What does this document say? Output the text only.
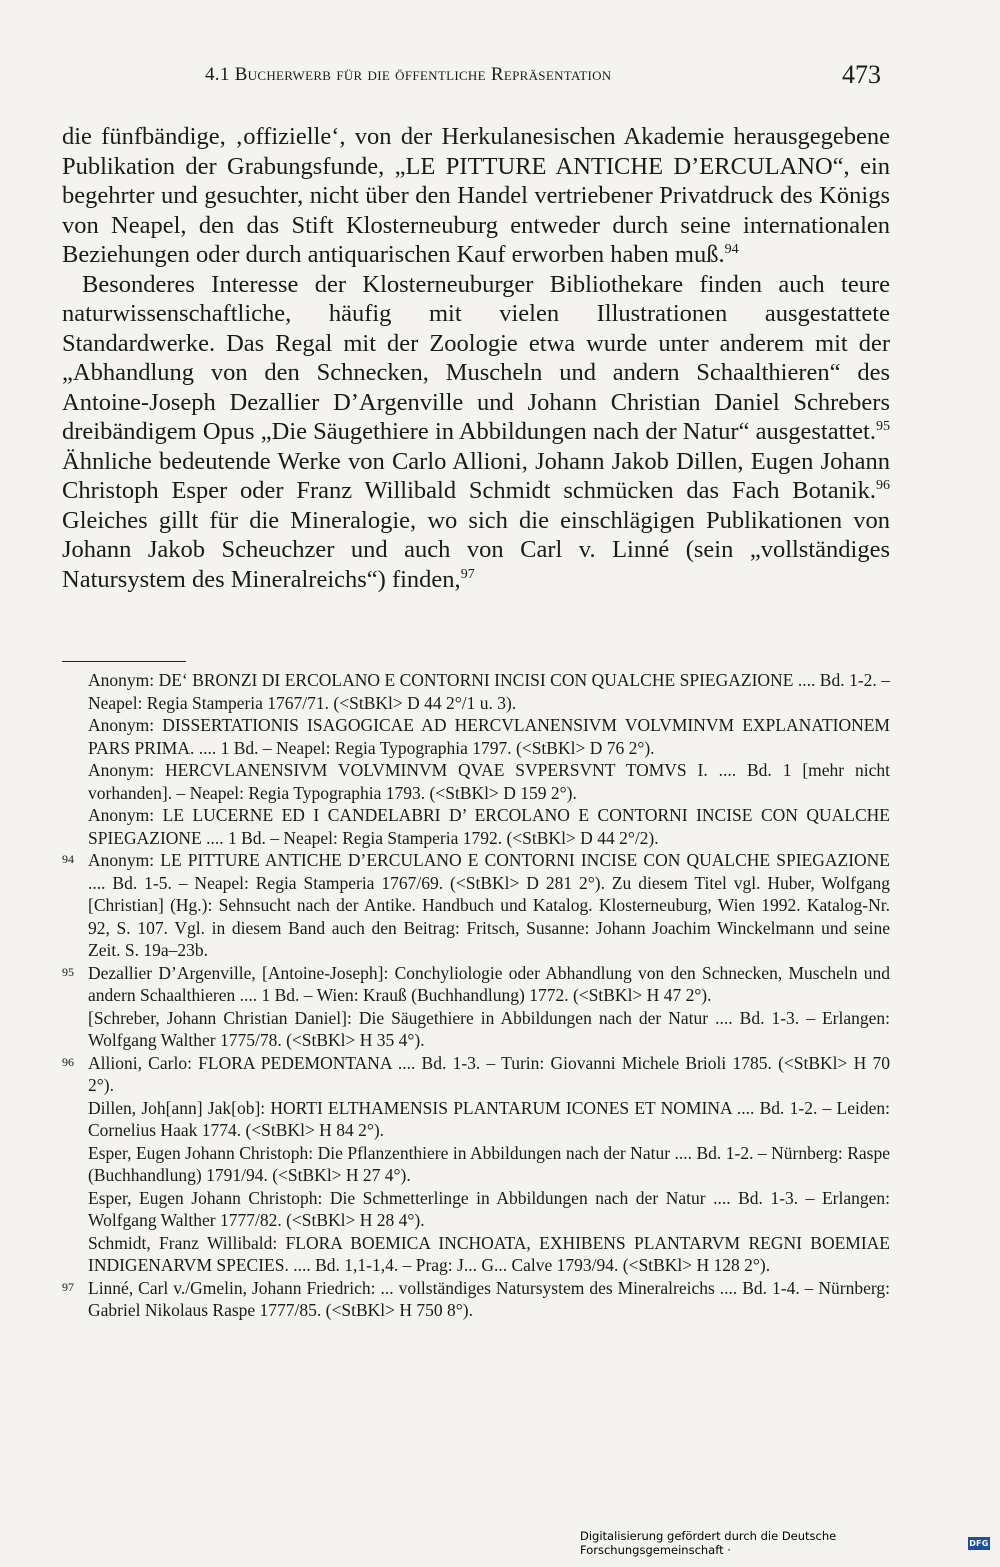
4.1 Bucherwerb für die öffentliche Repräsentation	473

die fünfbändige, ‚offizielle‘, von der Herkulanesischen Akademie herausgegebene Publikation der Grabungsfunde, „LE PITTURE ANTICHE D’ERCULANO“, ein begehrter und gesuchter, nicht über den Handel vertriebener Privatdruck des Königs von Neapel, den das Stift Klosterneuburg entweder durch seine internationalen Beziehungen oder durch antiquarischen Kauf erworben haben muß.$^{94}$

Besonderes Interesse der Klosterneuburger Bibliothekare finden auch teure naturwissenschaftliche, häufig mit vielen Illustrationen ausgestattete Standardwerke. Das Regal mit der Zoologie etwa wurde unter anderem mit der „Abhandlung von den Schnecken, Muscheln und andern Schaalthieren“ des Antoine-Joseph Dezallier D’Argenville und Johann Christian Daniel Schrebers dreibändigem Opus „Die Säugethiere in Abbildungen nach der Natur“ ausgestattet.$^{95}$ Ähnliche bedeutende Werke von Carlo Allioni, Johann Jakob Dillen, Eugen Johann Christoph Esper oder Franz Willibald Schmidt schmücken das Fach Botanik.$^{96}$ Gleiches gillt für die Mineralogie, wo sich die einschlägigen Publikationen von Johann Jakob Scheuchzer und auch von Carl v. Linné (sein „vollständiges Natursystem des Mineralreichs“) finden,$^{97}$

Anonym: DE‘ BRONZI DI ERCOLANO E CONTORNI INCISI CON QUALCHE SPIEGAZIONE .... Bd. 1-2. – Neapel: Regia Stamperia 1767/71. (<StBKl> D 44 2°/1 u. 3).
Anonym: DISSERTATIONIS ISAGOGICAE AD HERCVLANENSIVM VOLVMINVM EXPLANATIONEM PARS PRIMA. .... 1 Bd. – Neapel: Regia Typographia 1797. (<StBKl> D 76 2°).
Anonym: HERCVLANENSIVM VOLVMINVM QVAE SVPERSVNT TOMVS I. .... Bd. 1 [mehr nicht vorhanden]. – Neapel: Regia Typographia 1793. (<StBKl> D 159 2°).
Anonym: LE LUCERNE ED I CANDELABRI D’ ERCOLANO E CONTORNI INCISE CON QUALCHE SPIEGAZIONE .... 1 Bd. – Neapel: Regia Stamperia 1792. (<StBKl> D 44 2°/2).
94 Anonym: LE PITTURE ANTICHE D’ERCULANO E CONTORNI INCISE CON QUALCHE SPIEGAZIONE .... Bd. 1-5. – Neapel: Regia Stamperia 1767/69. (<StBKl> D 281 2°). Zu diesem Titel vgl. Huber, Wolfgang [Christian] (Hg.): Sehnsucht nach der Antike. Handbuch und Katalog. Klosterneuburg, Wien 1992. Katalog-Nr. 92, S. 107. Vgl. in diesem Band auch den Beitrag: Fritsch, Susanne: Johann Joachim Winckelmann und seine Zeit. S. 19a–23b.
95 Dezallier D’Argenville, [Antoine-Joseph]: Conchyliologie oder Abhandlung von den Schnecken, Muscheln und andern Schaalthieren .... 1 Bd. – Wien: Krauß (Buchhandlung) 1772. (<StBKl> H 47 2°).
[Schreber, Johann Christian Daniel]: Die Säugethiere in Abbildungen nach der Natur .... Bd. 1-3. – Erlangen: Wolfgang Walther 1775/78. (<StBKl> H 35 4°).
96 Allioni, Carlo: FLORA PEDEMONTANA .... Bd. 1-3. – Turin: Giovanni Michele Brioli 1785. (<StBKl> H 70 2°).
Dillen, Joh[ann] Jak[ob]: HORTI ELTHAMENSIS PLANTARUM ICONES ET NOMINA .... Bd. 1-2. – Leiden: Cornelius Haak 1774. (<StBKl> H 84 2°).
Esper, Eugen Johann Christoph: Die Pflanzenthiere in Abbildungen nach der Natur .... Bd. 1-2. – Nürnberg: Raspe (Buchhandlung) 1791/94. (<StBKl> H 27 4°).
Esper, Eugen Johann Christoph: Die Schmetterlinge in Abbildungen nach der Natur .... Bd. 1-3. – Erlangen: Wolfgang Walther 1777/82. (<StBKl> H 28 4°).
Schmidt, Franz Willibald: FLORA BOEMICA INCHOATA, EXHIBENS PLANTARVM REGNI BOEMIAE INDIGENARVM SPECIES. .... Bd. 1,1-1,4. – Prag: J... G... Calve 1793/94. (<StBKl> H 128 2°).
97 Linné, Carl v./Gmelin, Johann Friedrich: ... vollständiges Natursystem des Mineralreichs .... Bd. 1-4. – Nürnberg: Gabriel Nikolaus Raspe 1777/85. (<StBKl> H 750 8°).
Digitalisierung gefördert durch die Deutsche Forschungsgemeinschaft ·	DFG
